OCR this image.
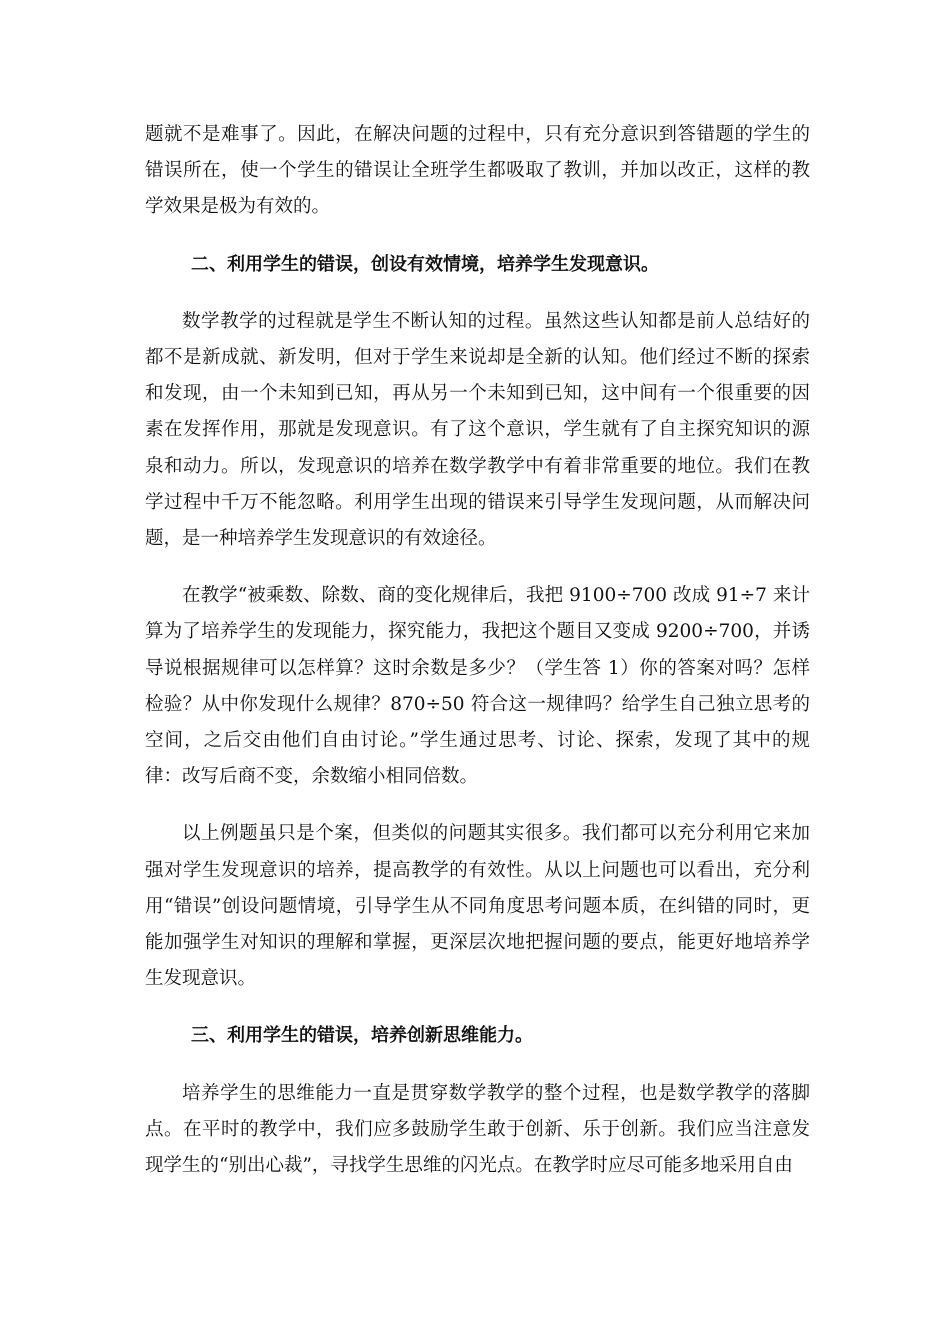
题就不是难事了。因此，在解决问题的过程中，只有充分意识到答错题的学生的错误所在，使一个学生的错误让全班学生都吸取了教训，并加以改正，这样的教学效果是极为有效的。

二、利用学生的错误，创设有效情境，培养学生发现意识。

数学教学的过程就是学生不断认知的过程。虽然这些认知都是前人总结好的都不是新成就、新发明，但对于学生来说却是全新的认知。他们经过不断的探索和发现，由一个未知到已知，再从另一个未知到已知，这中间有一个很重要的因素在发挥作用，那就是发现意识。有了这个意识，学生就有了自主探究知识的源泉和动力。所以，发现意识的培养在数学教学中有着非常重要的地位。我们在教学过程中千万不能忽略。利用学生出现的错误来引导学生发现问题，从而解决问题，是一种培养学生发现意识的有效途径。

在教学“被乘数、除数、商的变化规律后，我把 9100÷700 改成 91÷7 来计算为了培养学生的发现能力，探究能力，我把这个题目又变成 9200÷700，并诱导说根据规律可以怎样算？这时余数是多少？（学生答 1）你的答案对吗？怎样检验？从中你发现什么规律？870÷50 符合这一规律吗？给学生自己独立思考的空间，之后交由他们自由讨论。”学生通过思考、讨论、探索，发现了其中的规律：改写后商不变，余数缩小相同倍数。

以上例题虽只是个案，但类似的问题其实很多。我们都可以充分利用它来加强对学生发现意识的培养，提高教学的有效性。从以上问题也可以看出，充分利用“错误”创设问题情境，引导学生从不同角度思考问题本质，在纠错的同时，更能加强学生对知识的理解和掌握，更深层次地把握问题的要点，能更好地培养学生发现意识。

三、利用学生的错误，培养创新思维能力。

培养学生的思维能力一直是贯穿数学教学的整个过程，也是数学教学的落脚点。在平时的教学中，我们应多鼓励学生敢于创新、乐于创新。我们应当注意发现学生的“别出心裁”，寻找学生思维的闪光点。在教学时应尽可能多地采用自由
